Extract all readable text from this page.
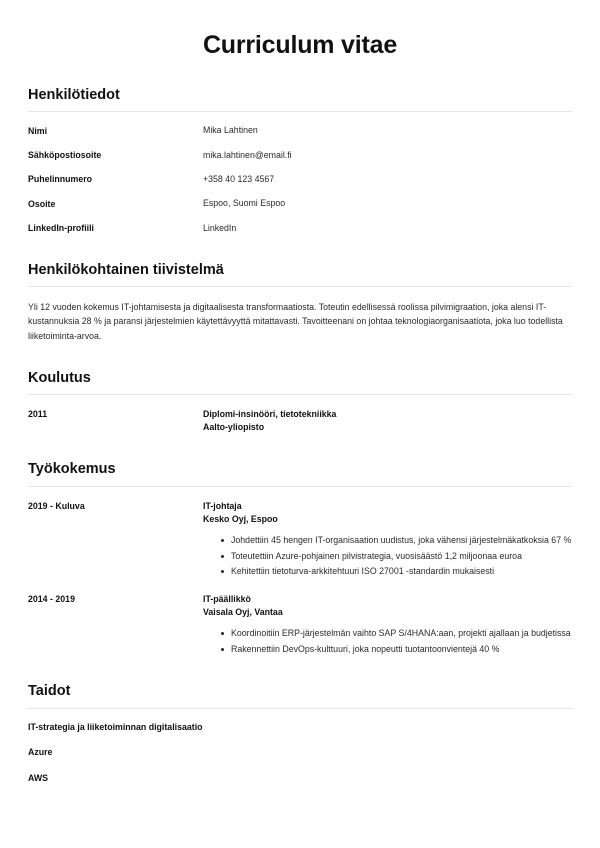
Curriculum vitae
Henkilötiedot
Nimi	Mika Lahtinen
Sähköpostiosoite	mika.lahtinen@email.fi
Puhelinnumero	+358 40 123 4567
Osoite	Espoo, Suomi Espoo
LinkedIn-profiili	LinkedIn
Henkilökohtainen tiivistelmä

Yli 12 vuoden kokemus IT-johtamisesta ja digitaalisesta transformaatiosta. Toteutin edellisessä roolissa pilvimigraation, joka alensi IT-kustannuksia 28 % ja paransi järjestelmien käytettävyyttä mitattavasti. Tavoitteenani on johtaa teknologiaorganisaatiota, joka luo todellista liiketoiminta-arvoa.

Koulutus
2011	Diplomi-insinööri, tietotekniikka
Aalto-yliopisto
Työkokemus
2019 - Kuluva	IT-johtaja
Kesko Oyj, Espoo
Johdettiin 45 hengen IT-organisaation uudistus, joka vähensi järjestelmäkatkoksia 67 %
Toteutettiin Azure-pohjainen pilvistrategia, vuosisäästö 1,2 miljoonaa euroa
Kehitettiin tietoturva-arkkitehtuuri ISO 27001 -standardin mukaisesti
2014 - 2019	IT-päällikkö
Vaisala Oyj, Vantaa
Koordinoitiin ERP-järjestelmän vaihto SAP S/4HANA:aan, projekti ajallaan ja budjetissa
Rakennettiin DevOps-kulttuuri, joka nopeutti tuotantoonvientejä 40 %
Taidot
IT-strategia ja liiketoiminnan digitalisaatio
Azure
AWS
